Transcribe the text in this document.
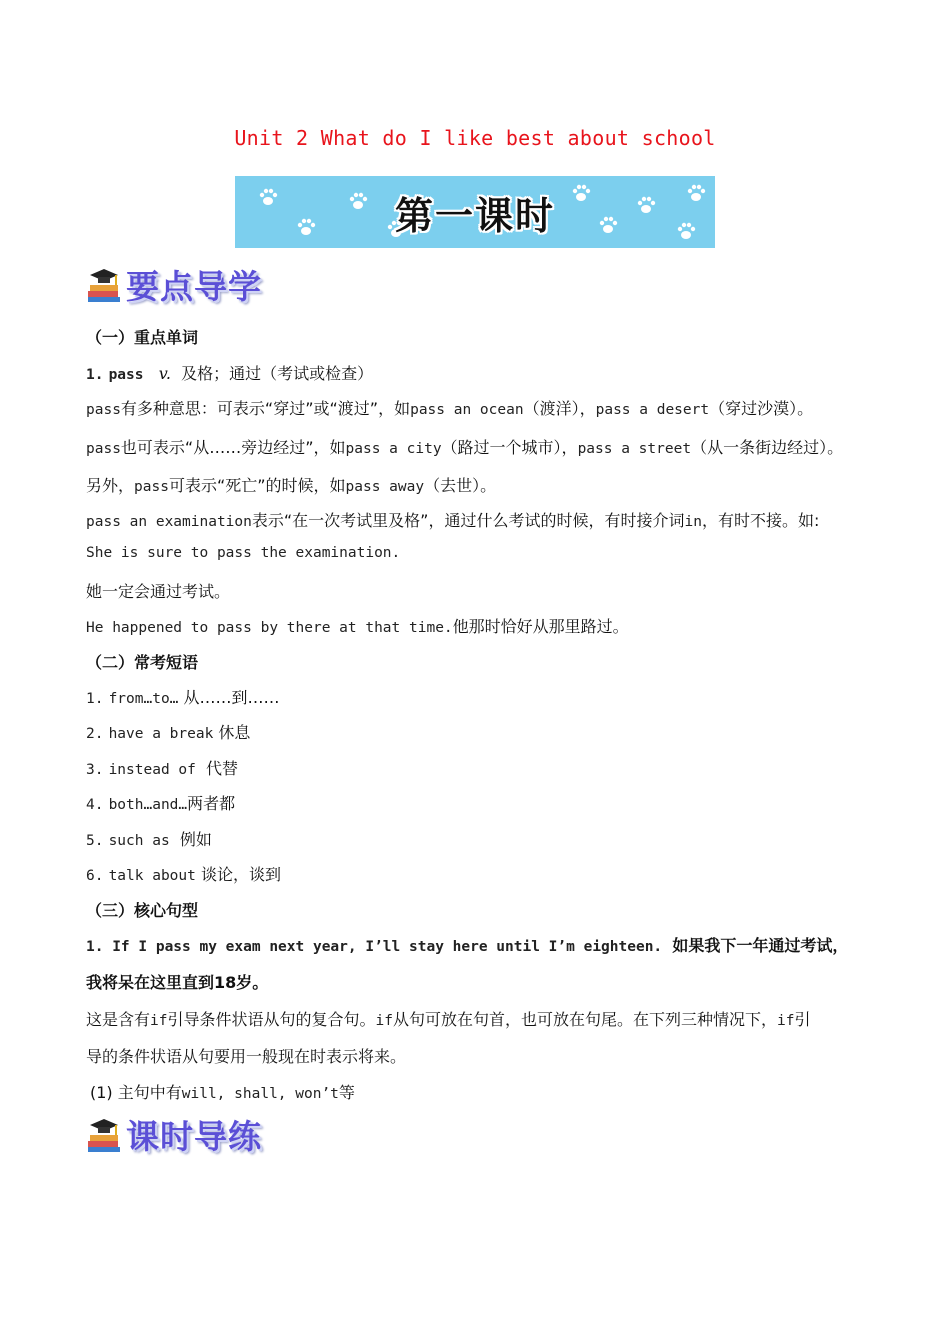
Unit 2 What do I like best about school
第一课时
要点导学
（一）重点单词
1. pass v. 及格；通过（考试或检查）
pass有多种意思：可表示“穿过”或“渡过”，如pass an ocean（渡洋），pass a desert（穿过沙漠）。
pass也可表示“从……旁边经过”，如pass a city（路过一个城市），pass a street（从一条街边经过）。
另外，pass可表示“死亡”的时候，如pass away（去世）。
pass an examination表示“在一次考试里及格”，通过什么考试的时候，有时接介词in，有时不接。如:
She is sure to pass the examination.
她一定会通过考试。
He happened to pass by there at that time.他那时恰好从那里路过。
（二）常考短语
1. from…to… 从……到……
2. have a break 休息
3. instead of 代替
4. both…and…两者都
5. such as 例如
6. talk about 谈论，谈到
（三）核心句型
1. If I pass my exam next year, I’ll stay here until I’m eighteen. 如果我下一年通过考试，
我将呆在这里直到18岁。
这是含有if引导条件状语从句的复合句。if从句可放在句首，也可放在句尾。在下列三种情况下，if引
导的条件状语从句要用一般现在时表示将来。
(1) 主句中有will, shall, won’t等
课时导练
